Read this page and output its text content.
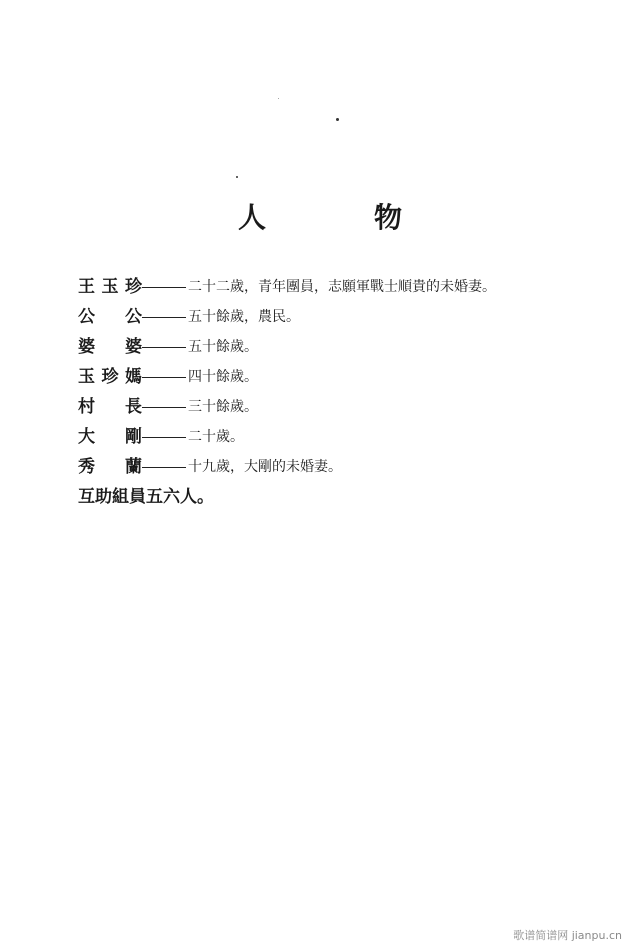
人　物
王玉珍	二十二歲，青年團員，志願軍戰士順貴的未婚妻。
公公	五十餘歲，農民。
婆婆	五十餘歲。
玉珍媽	四十餘歲。
村長	三十餘歲。
大剛	二十歲。
秀蘭	十九歲，大剛的未婚妻。
互助組員五六人。
歌谱简谱网 jianpu.cn
